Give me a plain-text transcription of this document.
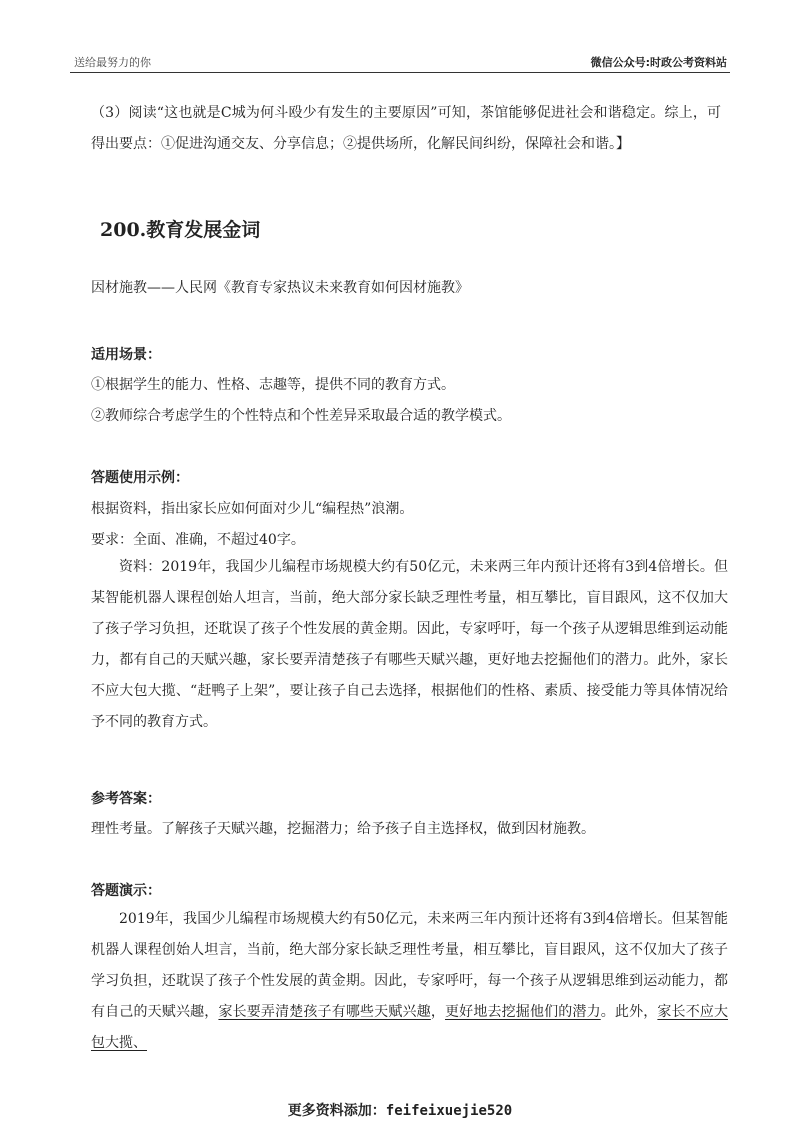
送给最努力的你	微信公众号:时政公考资料站
（3）阅读“这也就是C城为何斗殴少有发生的主要原因”可知，茶馆能够促进社会和谐稳定。综上，可得出要点：①促进沟通交友、分享信息；②提供场所，化解民间纠纷，保障社会和谐。】
200.教育发展金词
因材施教——人民网《教育专家热议未来教育如何因材施教》
适用场景：
①根据学生的能力、性格、志趣等，提供不同的教育方式。
②教师综合考虑学生的个性特点和个性差异采取最合适的教学模式。
答题使用示例：
根据资料，指出家长应如何面对少儿“编程热”浪潮。
要求：全面、准确，不超过40字。
资料：2019年，我国少儿编程市场规模大约有50亿元，未来两三年内预计还将有3到4倍增长。但某智能机器人课程创始人坦言，当前，绝大部分家长缺乏理性考量，相互攀比，盲目跟风，这不仅加大了孩子学习负担，还耽误了孩子个性发展的黄金期。因此，专家呼吁，每一个孩子从逻辑思维到运动能力，都有自己的天赋兴趣，家长要弄清楚孩子有哪些天赋兴趣，更好地去挖掘他们的潜力。此外，家长不应大包大揽、“赶鸭子上架”，要让孩子自己去选择，根据他们的性格、素质、接受能力等具体情况给予不同的教育方式。
参考答案：
理性考量。了解孩子天赋兴趣，挖掘潜力；给予孩子自主选择权，做到因材施教。
答题演示：
2019年，我国少儿编程市场规模大约有50亿元，未来两三年内预计还将有3到4倍增长。但某智能机器人课程创始人坦言，当前，绝大部分家长缺乏理性考量，相互攀比，盲目跟风，这不仅加大了孩子学习负担，还耽误了孩子个性发展的黄金期。因此，专家呼吁，每一个孩子从逻辑思维到运动能力，都有自己的天赋兴趣，家长要弄清楚孩子有哪些天赋兴趣，更好地去挖掘他们的潜力。此外，家长不应大包大揽、
更多资料添加：feifeixuejie520
